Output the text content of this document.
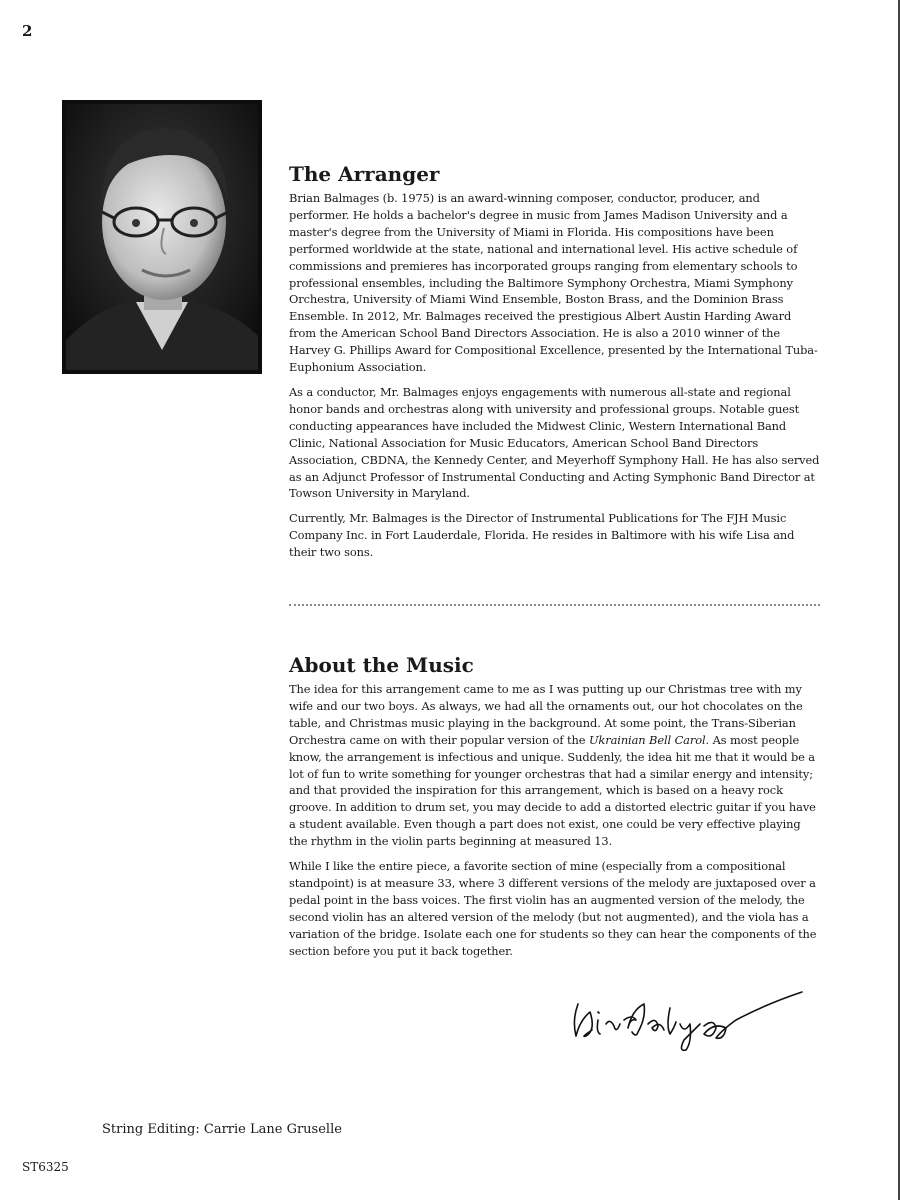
2
The Arranger

Brian Balmages (b. 1975) is an award-winning composer, conductor, producer, and performer. He holds a bachelor's degree in music from James Madison University and a master's degree from the University of Miami in Florida. His compositions have been performed worldwide at the state, national and international level. His active schedule of commissions and premieres has incorporated groups ranging from elementary schools to professional ensembles, including the Baltimore Symphony Orchestra, Miami Symphony Orchestra, University of Miami Wind Ensemble, Boston Brass, and the Dominion Brass Ensemble. In 2012, Mr. Balmages received the prestigious Albert Austin Harding Award from the American School Band Directors Association. He is also a 2010 winner of the Harvey G. Phillips Award for Compositional Excellence, presented by the International Tuba-Euphonium Association.

As a conductor, Mr. Balmages enjoys engagements with numerous all-state and regional honor bands and orchestras along with university and professional groups. Notable guest conducting appearances have included the Midwest Clinic, Western International Band Clinic, National Association for Music Educators, American School Band Directors Association, CBDNA, the Kennedy Center, and Meyerhoff Symphony Hall. He has also served as an Adjunct Professor of Instrumental Conducting and Acting Symphonic Band Director at Towson University in Maryland.

Currently, Mr. Balmages is the Director of Instrumental Publications for The FJH Music Company Inc. in Fort Lauderdale, Florida. He resides in Baltimore with his wife Lisa and their two sons.

About the Music

The idea for this arrangement came to me as I was putting up our Christmas tree with my wife and our two boys. As always, we had all the ornaments out, our hot chocolates on the table, and Christmas music playing in the background. At some point, the Trans-Siberian Orchestra came on with their popular version of the Ukrainian Bell Carol. As most people know, the arrangement is infectious and unique. Suddenly, the idea hit me that it would be a lot of fun to write something for younger orchestras that had a similar energy and intensity; and that provided the inspiration for this arrangement, which is based on a heavy rock groove. In addition to drum set, you may decide to add a distorted electric guitar if you have a student available. Even though a part does not exist, one could be very effective playing the rhythm in the violin parts beginning at measured 13.

While I like the entire piece, a favorite section of mine (especially from a compositional standpoint) is at measure 33, where 3 different versions of the melody are juxtaposed over a pedal point in the bass voices. The first violin has an augmented version of the melody, the second violin has an altered version of the melody (but not augmented), and the viola has a variation of the bridge. Isolate each one for students so they can hear the components of the section before you put it back together.

String Editing: Carrie Lane Gruselle
ST6325
